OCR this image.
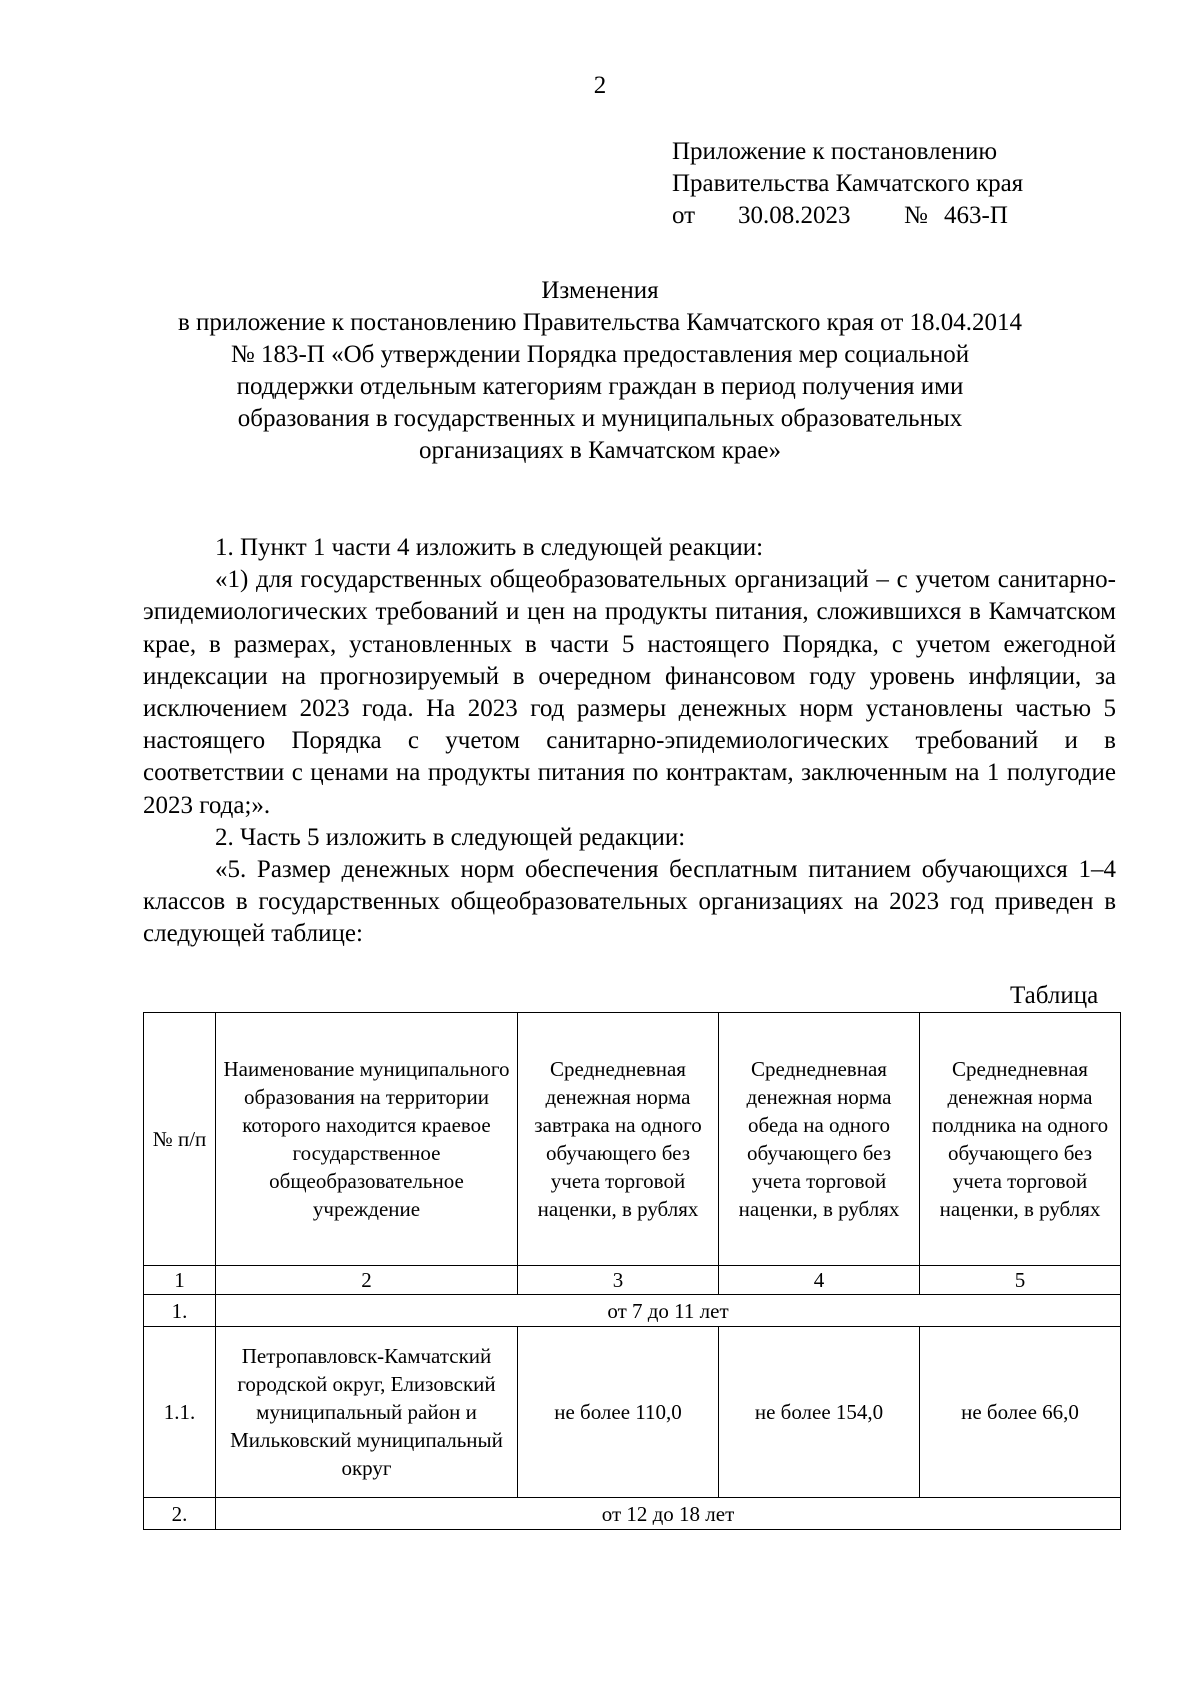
2
Приложение к постановлению
Правительства Камчатского края
от	30.08.2023	№ 463-П
Изменения
в приложение к постановлению Правительства Камчатского края от 18.04.2014
№ 183-П «Об утверждении Порядка предоставления мер социальной
поддержки отдельным категориям граждан в период получения ими
образования в государственных и муниципальных образовательных
организациях в Камчатском крае»

1. Пункт 1 части 4 изложить в следующей реакции:

«1) для государственных общеобразовательных организаций – с учетом санитарно-эпидемиологических требований и цен на продукты питания, сложившихся в Камчатском крае, в размерах, установленных в части 5 настоящего Порядка, с учетом ежегодной индексации на прогнозируемый в очередном финансовом году уровень инфляции, за исключением 2023 года. На 2023 год размеры денежных норм установлены частью 5 настоящего Порядка с учетом санитарно-эпидемиологических требований и в соответствии с ценами на продукты питания по контрактам, заключенным на 1 полугодие 2023 года;».

2. Часть 5 изложить в следующей редакции:

«5. Размер денежных норм обеспечения бесплатным питанием обучающихся 1–4 классов в государственных общеобразовательных организациях на 2023 год приведен в следующей таблице:

Таблица
№ п/п	Наименование муниципального образования на территории которого находится краевое государственное общеобразовательное учреждение	Среднедневная денежная норма завтрака на одного обучающего без учета торговой наценки, в рублях	Среднедневная денежная норма обеда на одного обучающего без учета торговой наценки, в рублях	Среднедневная денежная норма полдника на одного обучающего без учета торговой наценки, в рублях
1	2	3	4	5
1.	от 7 до 11 лет			
1.1.	Петропавловск-Камчатский городской округ, Елизовский муниципальный район и Мильковский муниципальный округ	не более 110,0	не более 154,0	не более 66,0
2.	от 12 до 18 лет			
